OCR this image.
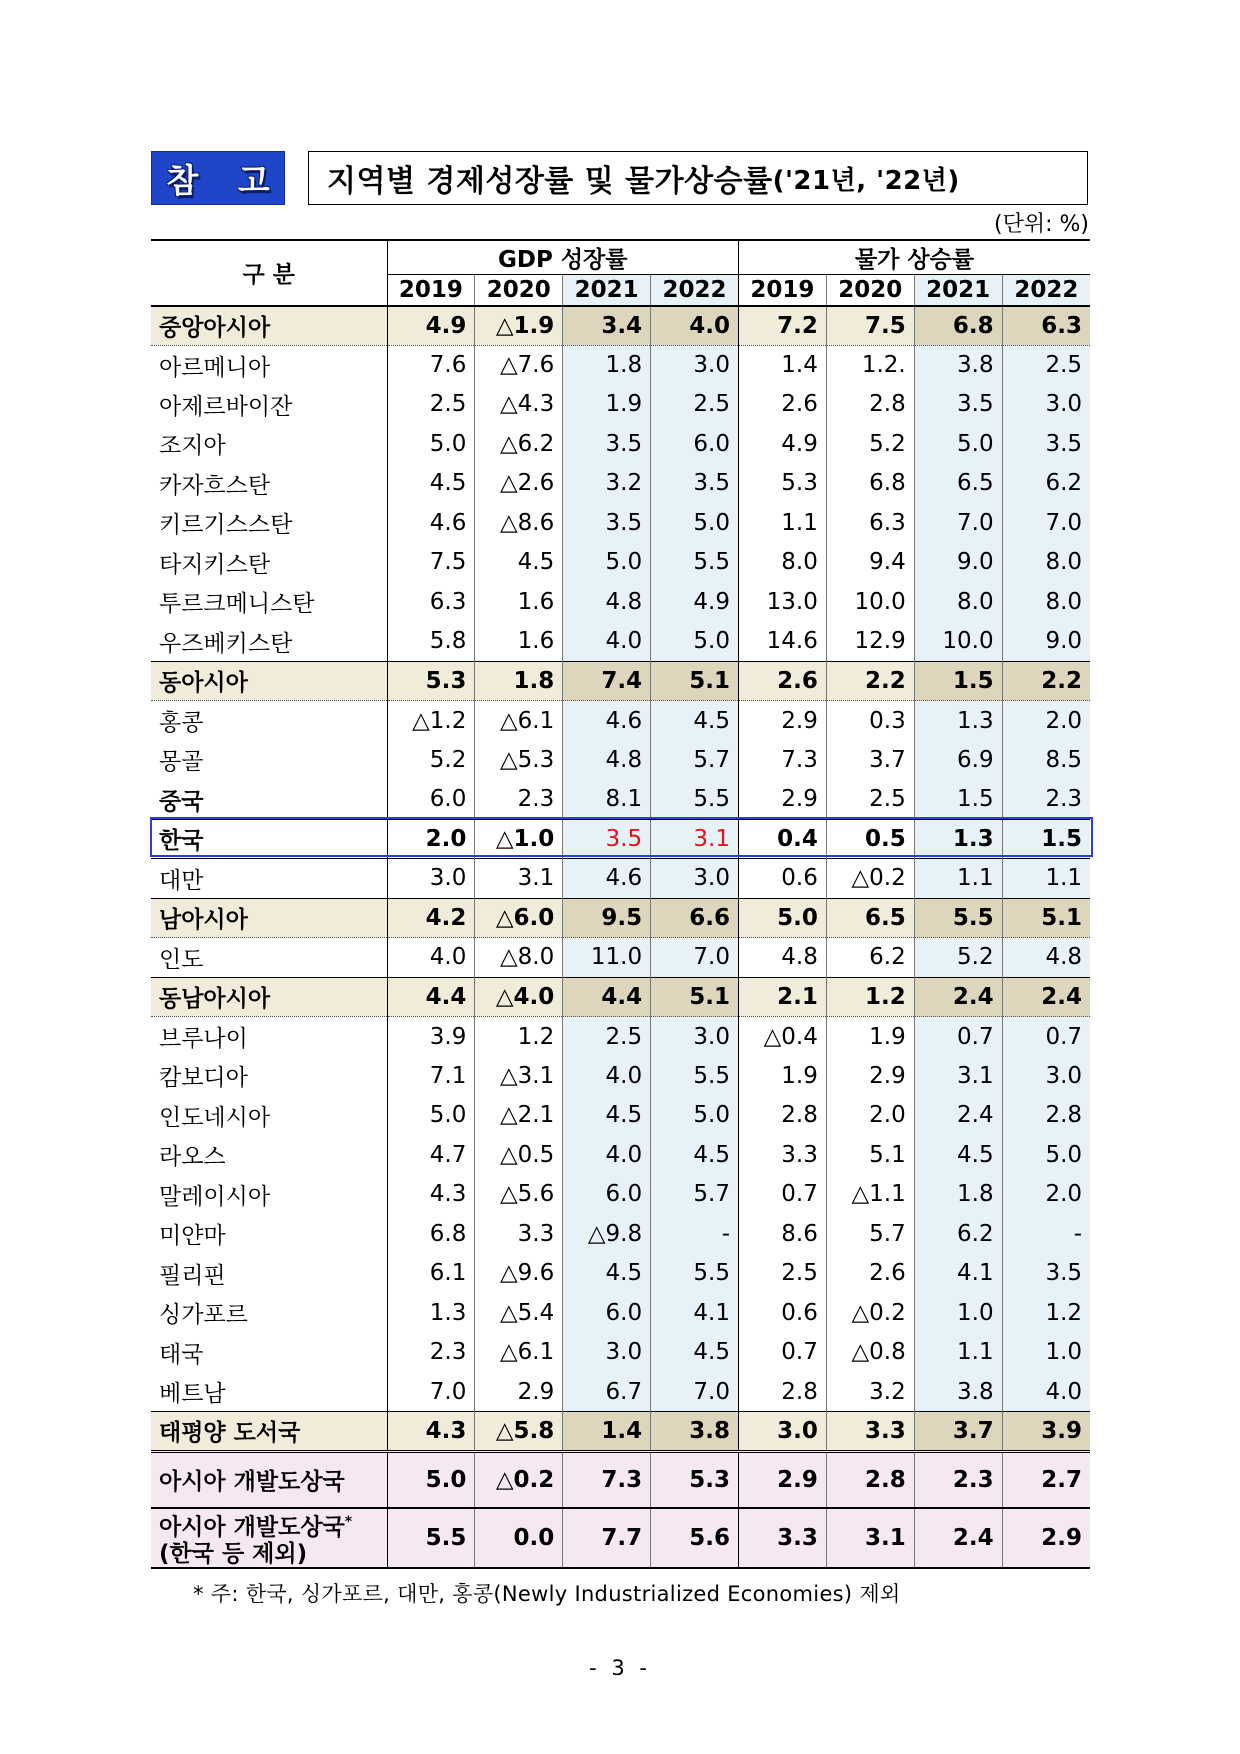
참 고 지역별 경제성장률 및 물가상승률 ('21년, '22년)
(단위: %)
구 분	GDP 성장률				물가 상승률			
	2019	2020	2021	2022	2019	2020	2021	2022
중앙아시아	4.9	△1.9	3.4	4.0	7.2	7.5	6.8	6.3
아르메니아	7.6	△7.6	1.8	3.0	1.4	1.2.	3.8	2.5
아제르바이잔	2.5	△4.3	1.9	2.5	2.6	2.8	3.5	3.0
조지아	5.0	△6.2	3.5	6.0	4.9	5.2	5.0	3.5
카자흐스탄	4.5	△2.6	3.2	3.5	5.3	6.8	6.5	6.2
키르기스스탄	4.6	△8.6	3.5	5.0	1.1	6.3	7.0	7.0
타지키스탄	7.5	4.5	5.0	5.5	8.0	9.4	9.0	8.0
투르크메니스탄	6.3	1.6	4.8	4.9	13.0	10.0	8.0	8.0
우즈베키스탄	5.8	1.6	4.0	5.0	14.6	12.9	10.0	9.0
동아시아	5.3	1.8	7.4	5.1	2.6	2.2	1.5	2.2
홍콩	△1.2	△6.1	4.6	4.5	2.9	0.3	1.3	2.0
몽골	5.2	△5.3	4.8	5.7	7.3	3.7	6.9	8.5
중국	6.0	2.3	8.1	5.5	2.9	2.5	1.5	2.3
한국	2.0	△1.0	3.5	3.1	0.4	0.5	1.3	1.5
대만	3.0	3.1	4.6	3.0	0.6	△0.2	1.1	1.1
남아시아	4.2	△6.0	9.5	6.6	5.0	6.5	5.5	5.1
인도	4.0	△8.0	11.0	7.0	4.8	6.2	5.2	4.8
동남아시아	4.4	△4.0	4.4	5.1	2.1	1.2	2.4	2.4
브루나이	3.9	1.2	2.5	3.0	△0.4	1.9	0.7	0.7
캄보디아	7.1	△3.1	4.0	5.5	1.9	2.9	3.1	3.0
인도네시아	5.0	△2.1	4.5	5.0	2.8	2.0	2.4	2.8
라오스	4.7	△0.5	4.0	4.5	3.3	5.1	4.5	5.0
말레이시아	4.3	△5.6	6.0	5.7	0.7	△1.1	1.8	2.0
미얀마	6.8	3.3	△9.8	-	8.6	5.7	6.2	-
필리핀	6.1	△9.6	4.5	5.5	2.5	2.6	4.1	3.5
싱가포르	1.3	△5.4	6.0	4.1	0.6	△0.2	1.0	1.2
태국	2.3	△6.1	3.0	4.5	0.7	△0.8	1.1	1.0
베트남	7.0	2.9	6.7	7.0	2.8	3.2	3.8	4.0
태평양 도서국	4.3	△5.8	1.4	3.8	3.0	3.3	3.7	3.9
아시아 개발도상국	5.0	△0.2	7.3	5.3	2.9	2.8	2.3	2.7
아시아 개발도상국*
(한국 등 제외)	5.5	0.0	7.7	5.6	3.3	3.1	2.4	2.9
* 주: 한국, 싱가포르, 대만, 홍콩(Newly Industrialized Economies) 제외
- 3 -
